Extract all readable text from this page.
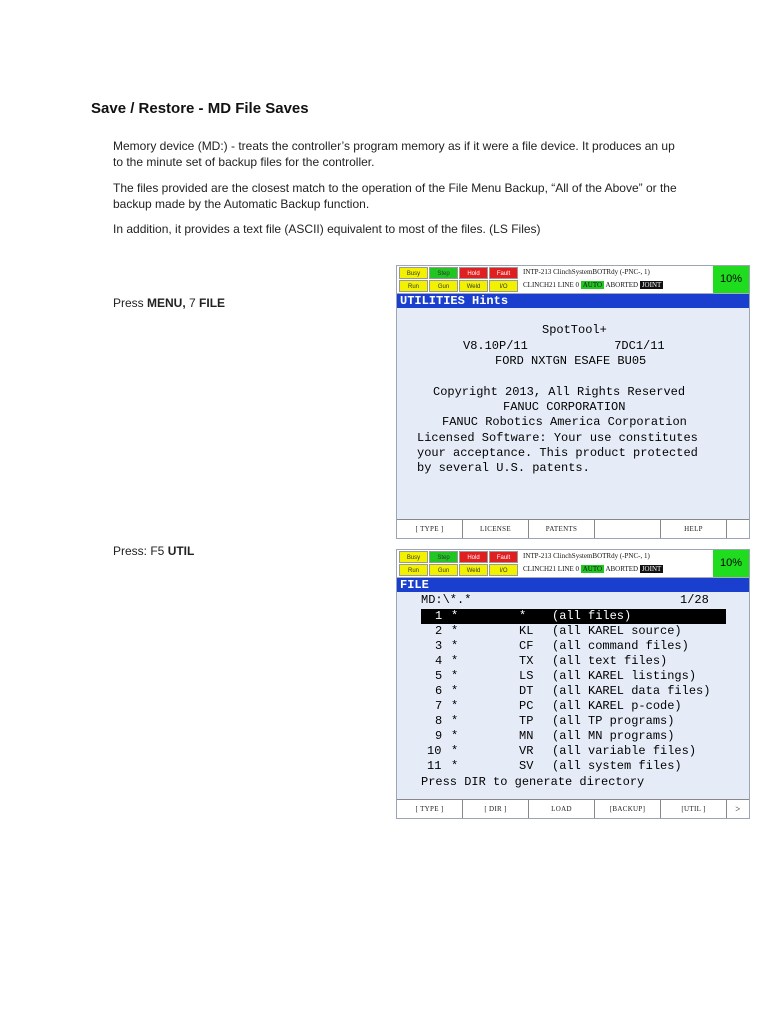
Save / Restore - MD File Saves
Memory device (MD:) - treats the controller’s program memory as if it were a file device. It produces an up to the minute set of backup files for the controller.
The files provided are the closest match to the operation of the File Menu Backup, “All of the Above” or the backup made by the Automatic Backup function.
In addition, it provides a text file (ASCII) equivalent to most of the files. (LS Files)
Press MENU, 7 FILE
Press: F5 UTIL
Busy	Step	Hold	Fault
Run	Gun	Weld	I/O
INTP-213 ClinchSystemBOTRdy (-PNC-, 1)
CLINCH21 LINE 0 AUTO ABORTED JOINT	10%
UTILITIES Hints
SpotTool+
V8.10P/11            7DC1/11
FORD NXTGN ESAFE BU05
Copyright 2013, All Rights Reserved
FANUC CORPORATION
FANUC Robotics America Corporation
Licensed Software: Your use constitutes
your acceptance. This product protected
by several U.S. patents.
[ TYPE ]	LICENSE	PATENTS	HELP
Busy	Step	Hold	Fault
Run	Gun	Weld	I/O
INTP-213 ClinchSystemBOTRdy (-PNC-, 1)
CLINCH21 LINE 0 AUTO ABORTED JOINT	10%
FILE
MD:\*.*	1/28
1 *	* (all files)
2 *	KL (all KAREL source)
3 *	CF (all command files)
4 *	TX (all text files)
5 *	LS (all KAREL listings)
6 *	DT (all KAREL data files)
7 *	PC (all KAREL p-code)
8 *	TP (all TP programs)
9 *	MN (all MN programs)
10 *	VR (all variable files)
11 *	SV (all system files)
Press DIR to generate directory
[ TYPE ]	[ DIR ]	LOAD	[BACKUP]	[UTIL ]	>
